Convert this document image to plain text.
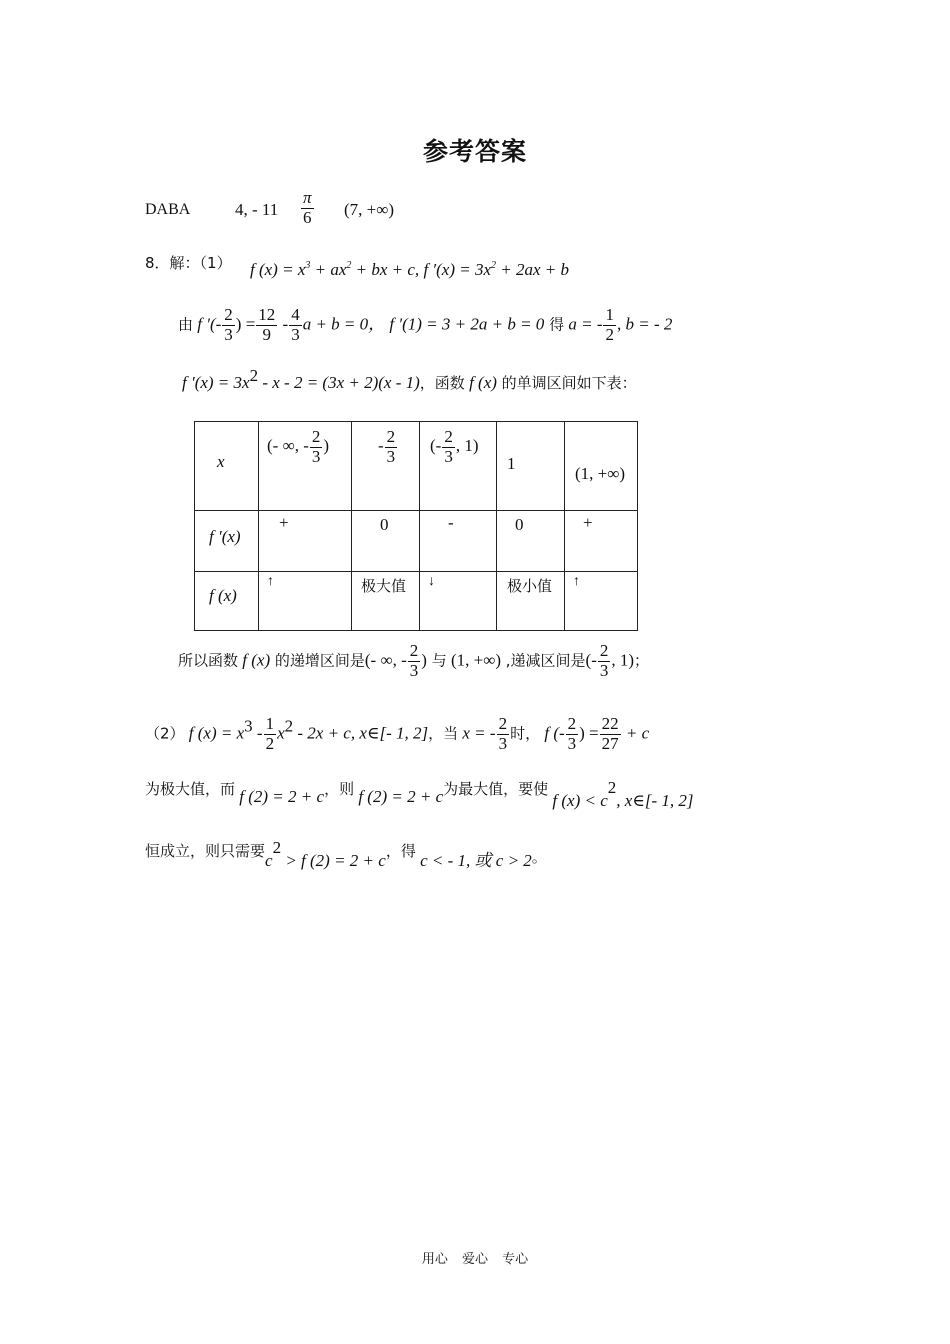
参考答案
DABA	4, - $11 \frac{\pi}{6} (7$, +∞)
8．解：（1） f $(x) = x^3 + ax^2$ + bx + c, f $'(x) = 3x^2 + 2ax + b$
由 f ′(- $\frac{2}{3}$ ) = $\frac{12}{9} - \frac{4}{3}$ a + b = 0， f ′(1) = 3 + 2a + b = 0 得 a = - $\frac{1}{2}$ , b = - 2
f $'(x) = 3x^2 - x - 2 = (3x + 2)(x - 1)$，函数 f (x) 的单调区间如下表：
x	(- ∞, - $\frac{2}{3}$ )	- $\frac{2}{3}$	(- $\frac{2}{3}$ , 1)	1	(1, +∞)

f ′(x)	+	0	-	0	+

f (x)	↑	极大值	↓	极小值	↑
所以函数 f (x) 的递增区间是(- ∞, - $\frac{2}{3}$ ) 与 (1, +∞) ,递减区间是(- $\frac{2}{3}$ , 1)；
（2） f $(x) = x^3 - \frac{1}{2} x^2 - 2x + c$, x∈[- 1, 2]，当 x = - $\frac{2}{3}$ 时， f (- $\frac{2}{3}$ ) = $\frac{22}{27} + c$
为极大值，而 f (2) = 2 + c，则 f (2) = 2 + c为最大值，要使 f $(x) < c^2$, x∈[- 1, 2]
恒成立，则只需要$c^2 > f$ (2) = 2 + c，得 c < - 1, 或 c > 2。
用心 爱心 专心
